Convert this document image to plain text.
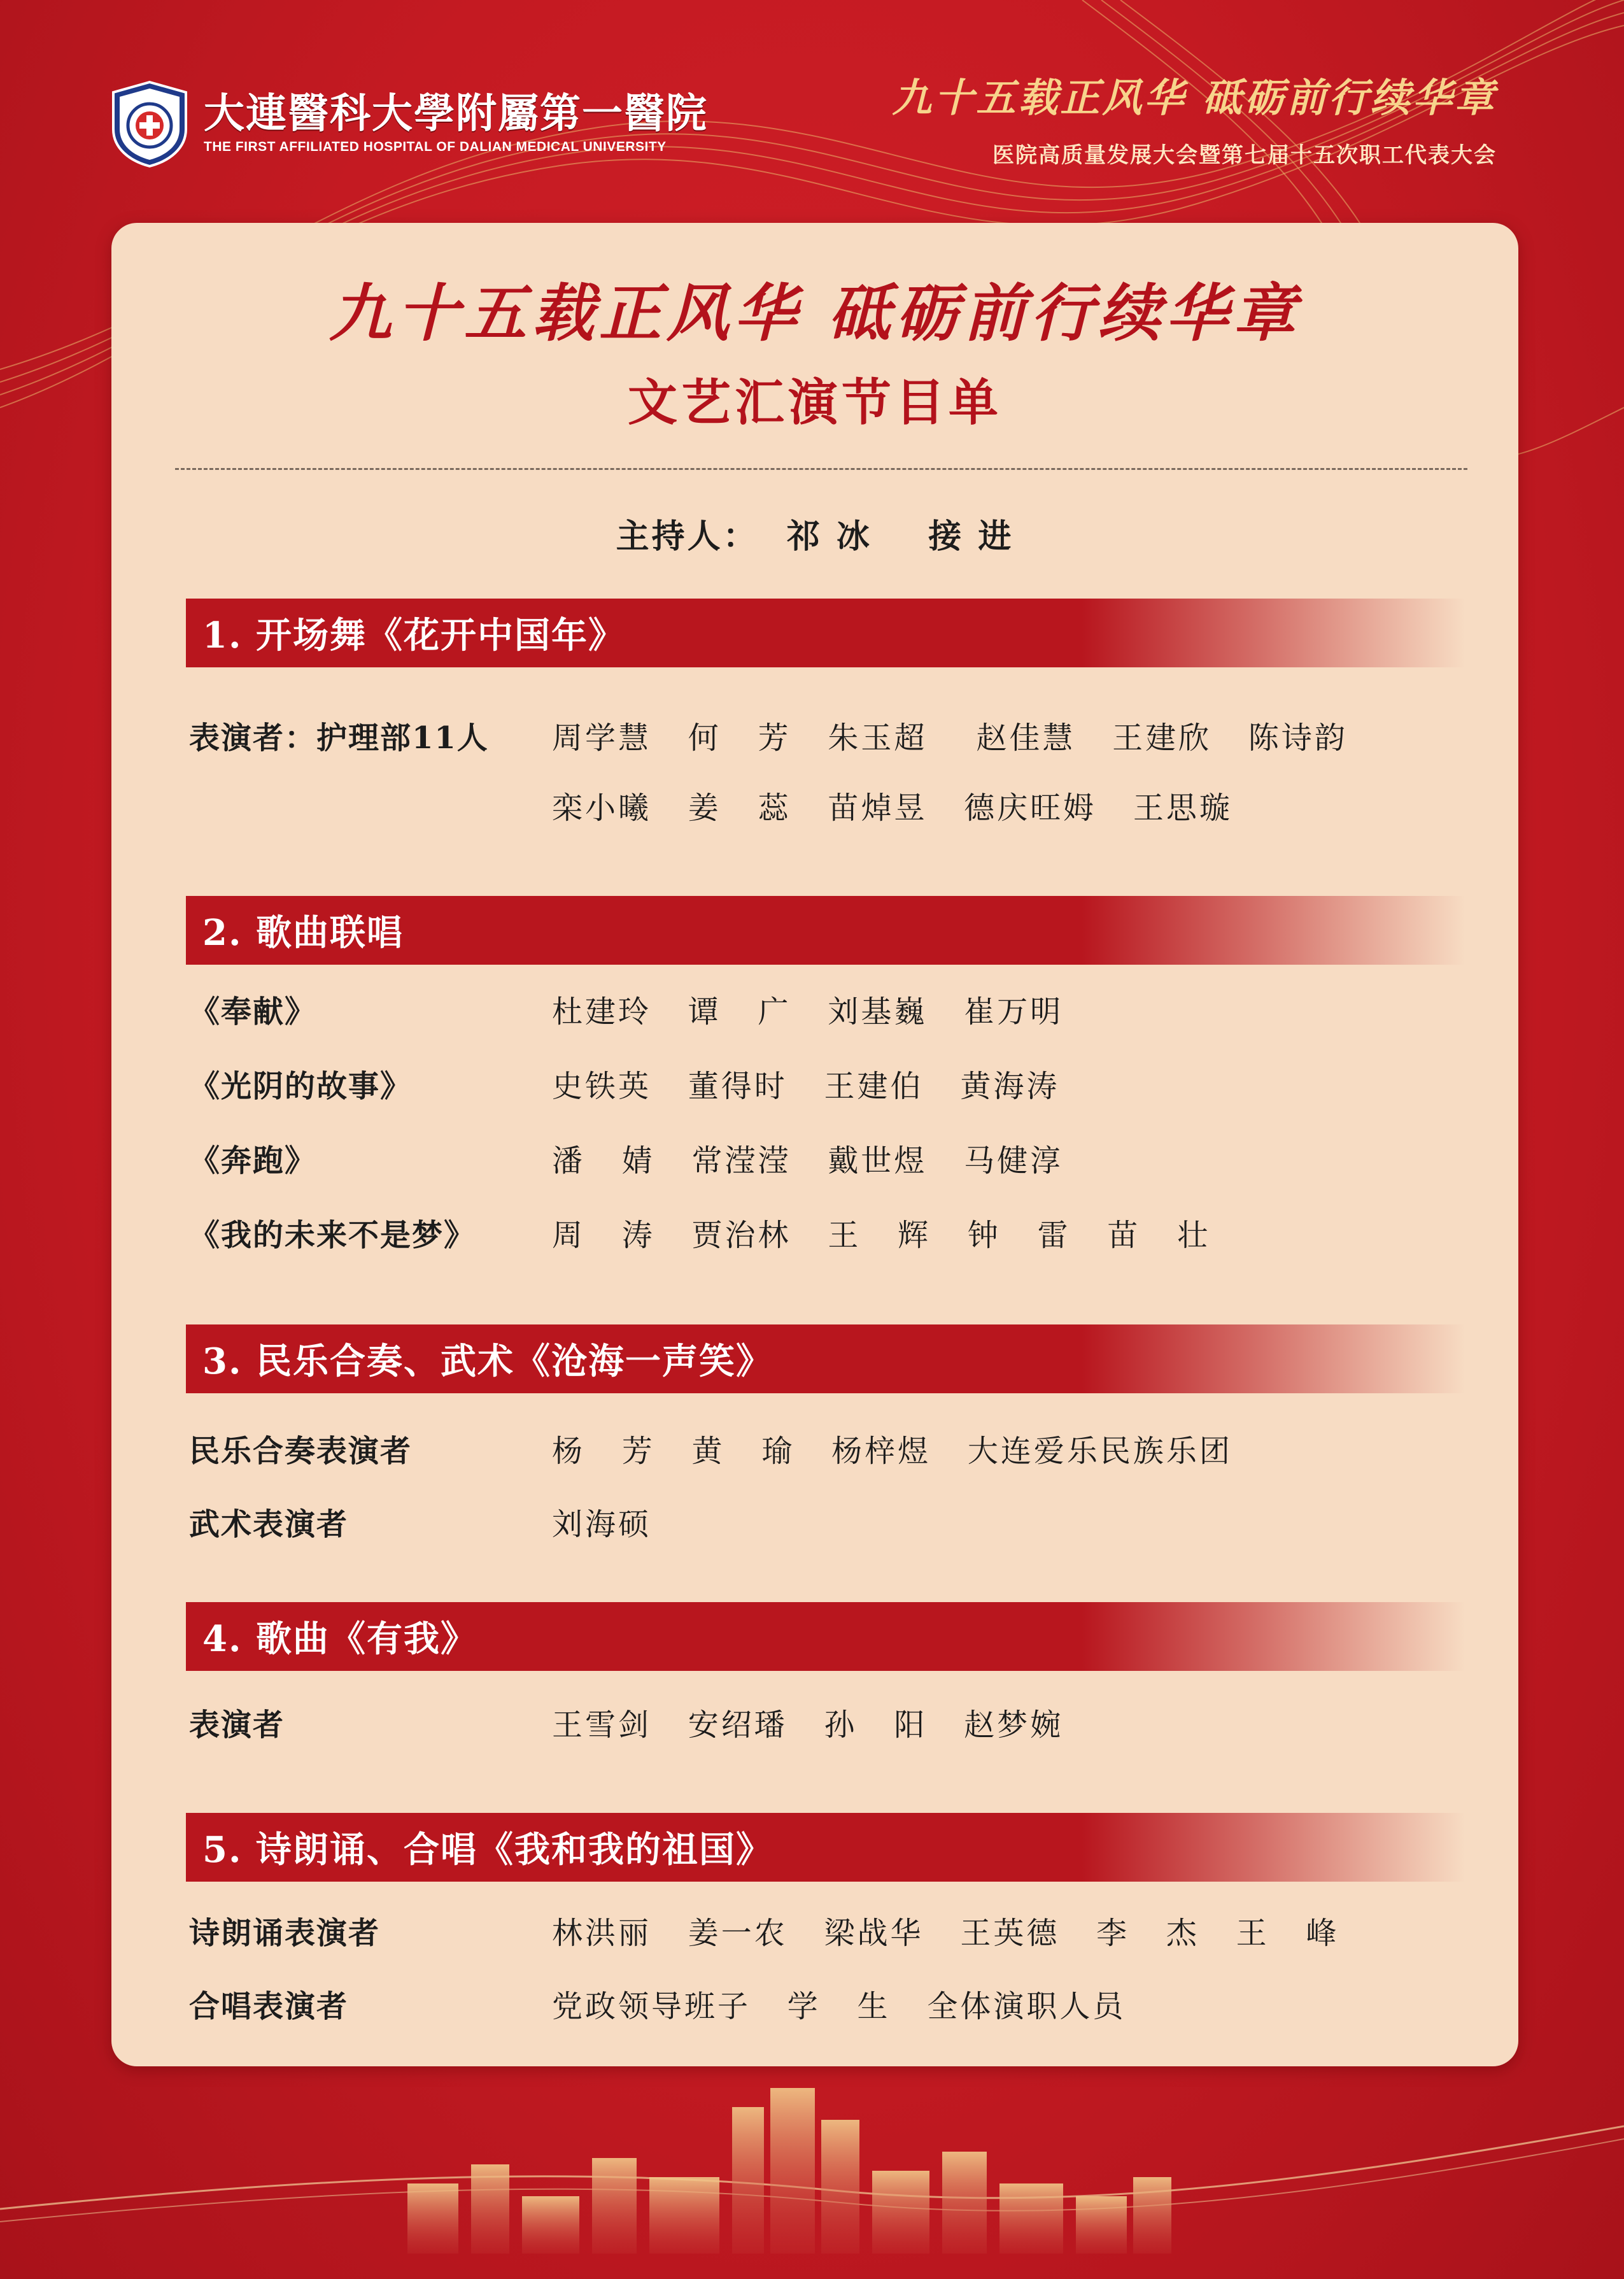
大連醫科大學附屬第一醫院
THE FIRST AFFILIATED HOSPITAL OF DALIAN MEDICAL UNIVERSITY
九十五载正风华 砥砺前行续华章
医院高质量发展大会暨第七届十五次职工代表大会
九十五载正风华 砥砺前行续华章
文艺汇演节目单
主持人：  祁 冰    接 进
1. 开场舞《花开中国年》
表演者：护理部11人 周学慧   何   芳   朱玉超    赵佳慧   王建欣   陈诗韵
栾小曦   姜   蕊   苗焯昱   德庆旺姆   王思璇
2. 歌曲联唱
《奉献》	杜建玲   谭   广   刘基巍   崔万明
《光阴的故事》	史铁英   董得时   王建伯   黄海涛
《奔跑》	潘   婧   常滢滢   戴世煜   马健淳
《我的未来不是梦》 周   涛   贾治林   王   辉   钟   雷   苗   壮
3. 民乐合奏、武术《沧海一声笑》
民乐合奏表演者	杨   芳   黄   瑜   杨梓煜   大连爱乐民族乐团
武术表演者	刘海硕
4. 歌曲《有我》
表演者	王雪剑   安绍璠   孙   阳   赵梦婉
5. 诗朗诵、合唱《我和我的祖国》
诗朗诵表演者	林洪丽   姜一农   梁战华   王英德   李   杰   王   峰
合唱表演者	党政领导班子   学   生   全体演职人员
